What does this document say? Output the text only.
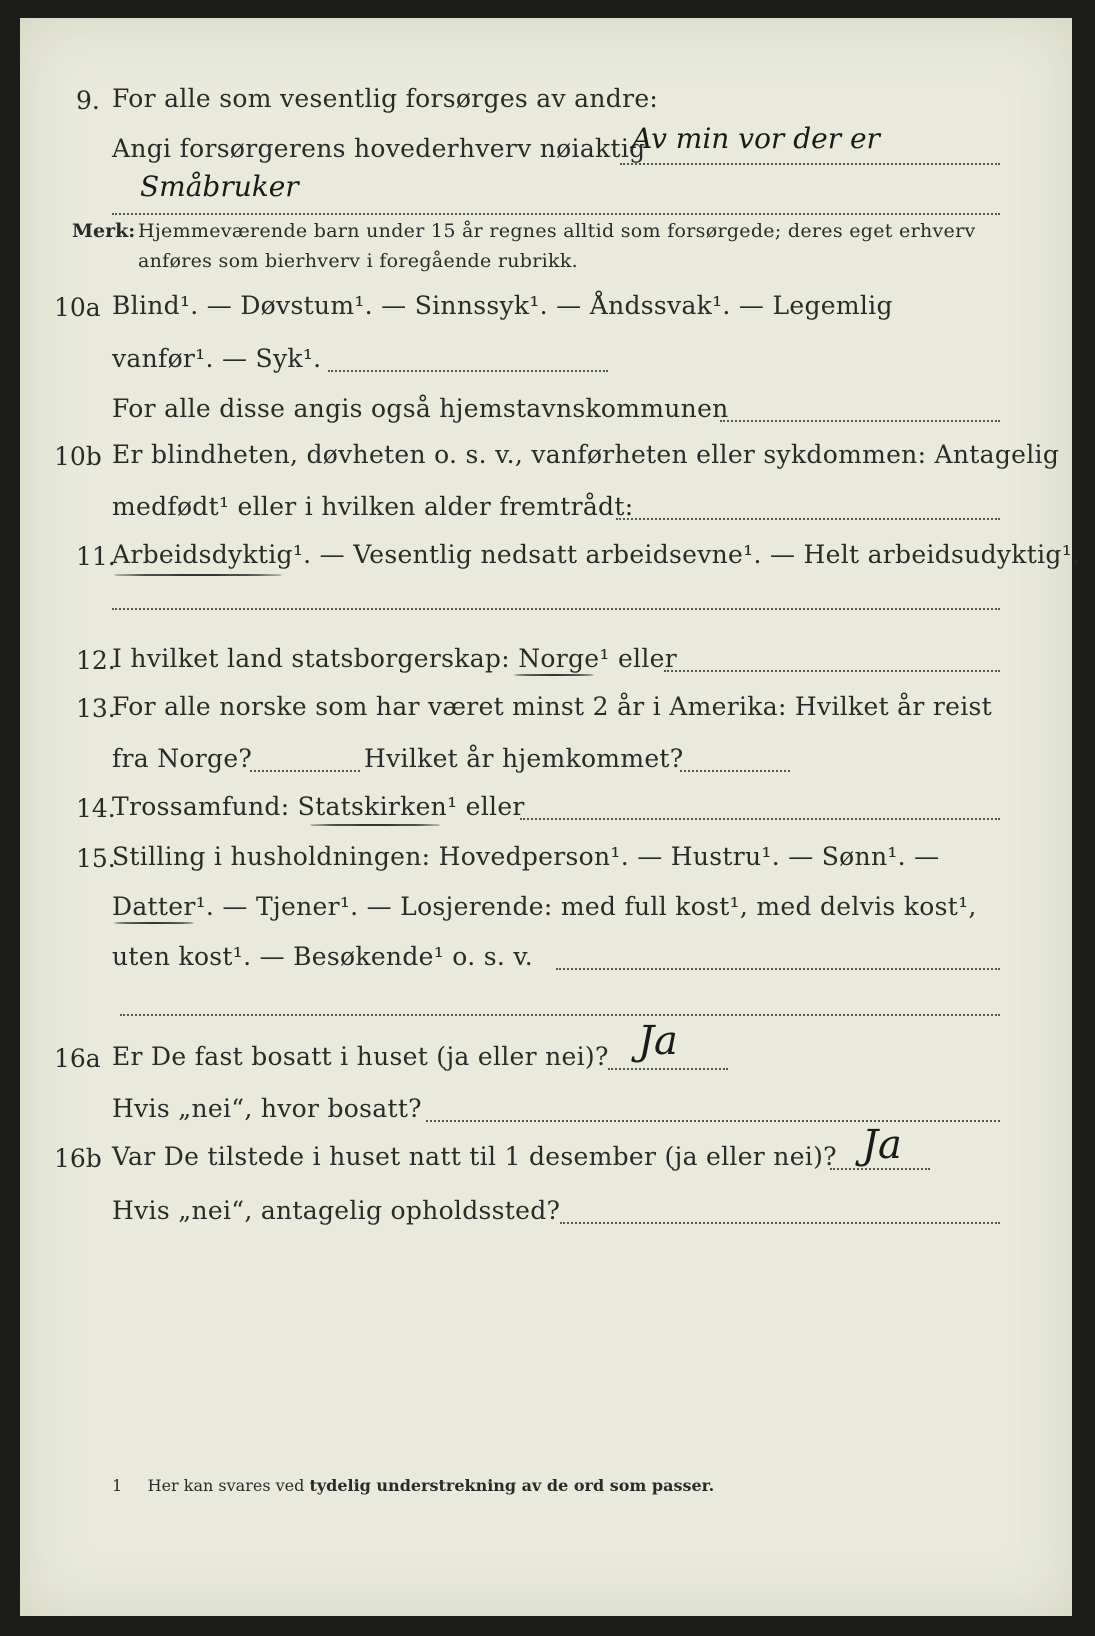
9. For alle som vesentlig forsørges av andre:
Angi forsørgerens hovederhverv nøiaktig
Av min vor der er
Småbruker
Merk: Hjemmeværende barn under 15 år regnes alltid som forsørgede; deres eget erhverv
anføres som bierhverv i foregående rubrikk.
10a Blind¹. — Døvstum¹. — Sinnssyk¹. — Åndssvak¹. — Legemlig
vanfør¹. — Syk¹.
For alle disse angis også hjemstavnskommunen
10b Er blindheten, døvheten o. s. v., vanførheten eller sykdommen: Antagelig
medfødt¹ eller i hvilken alder fremtrådt:
11.
Arbeidsdyktig¹. — Vesentlig nedsatt arbeidsevne¹. — Helt arbeidsudyktig¹.
12.
I hvilket land statsborgerskap: Norge¹ eller
13.
For alle norske som har været minst 2 år i Amerika: Hvilket år reist
fra Norge?	Hvilket år hjemkommet?
14.
Trossamfund: Statskirken¹ eller
15.
Stilling i husholdningen: Hovedperson¹. — Hustru¹. — Sønn¹. —
Datter¹. — Tjener¹. — Losjerende: med full kost¹, med delvis kost¹,
uten kost¹. — Besøkende¹ o. s. v.
16a Er De fast bosatt i huset (ja eller nei)? Ja
Hvis „nei“, hvor bosatt?
16b Var De tilstede i huset natt til 1 desember (ja eller nei)? Ja
Hvis „nei“, antagelig opholdssted?
1 Her kan svares ved tydelig understrekning av de ord som passer.
